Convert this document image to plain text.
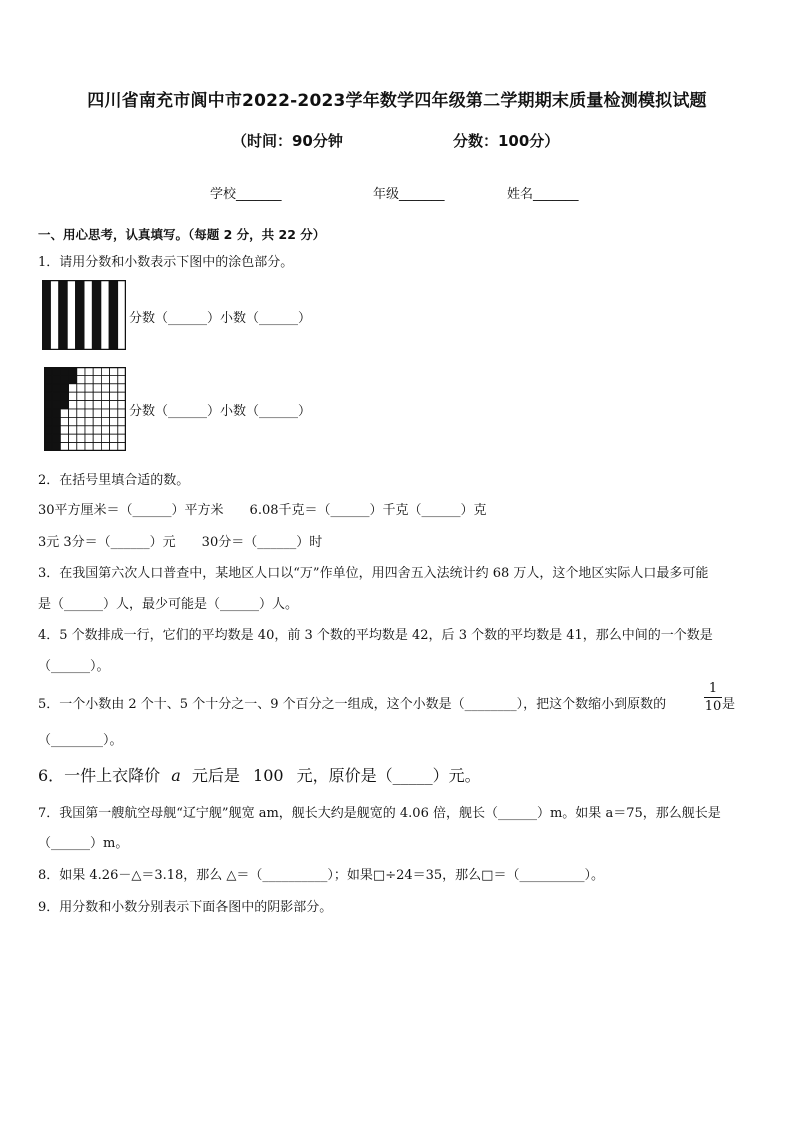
四川省南充市阆中市2022-2023学年数学四年级第二学期期末质量检测模拟试题
（时间：90分钟	分数：100分）
学校_______	年级_______	姓名_______
一、用心思考，认真填写。（每题 2 分，共 22 分）
1．请用分数和小数表示下图中的涂色部分。
分数（______）小数（______）
分数（______）小数（______）
2．在括号里填合适的数。
30平方厘米＝（______）平方米　　6.08千克＝（______）千克（______）克
3元 3分＝（______）元　　30分＝（______）时
3．在我国第六次人口普查中，某地区人口以“万”作单位，用四舍五入法统计约 68 万人，这个地区实际人口最多可能
是（______）人，最少可能是（______）人。
4．5 个数排成一行，它们的平均数是 40，前 3 个数的平均数是 42，后 3 个数的平均数是 41，那么中间的一个数是
（______）。
5．一个小数由 2 个十、5 个十分之一、9 个百分之一组成，这个小数是（________），把这个数缩小到原数的
1
10 是
（________）。
6．一件上衣降价 a 元后是 100 元，原价是（_____）元。
7．我国第一艘航空母舰“辽宁舰”舰宽 am，舰长大约是舰宽的 4.06 倍，舰长（______）m。如果 a＝75，那么舰长是
（______）m。
8．如果 4.26－△＝3.18，那么 △＝（__________）；如果□÷24＝35，那么□＝（__________）。
9．用分数和小数分别表示下面各图中的阴影部分。
